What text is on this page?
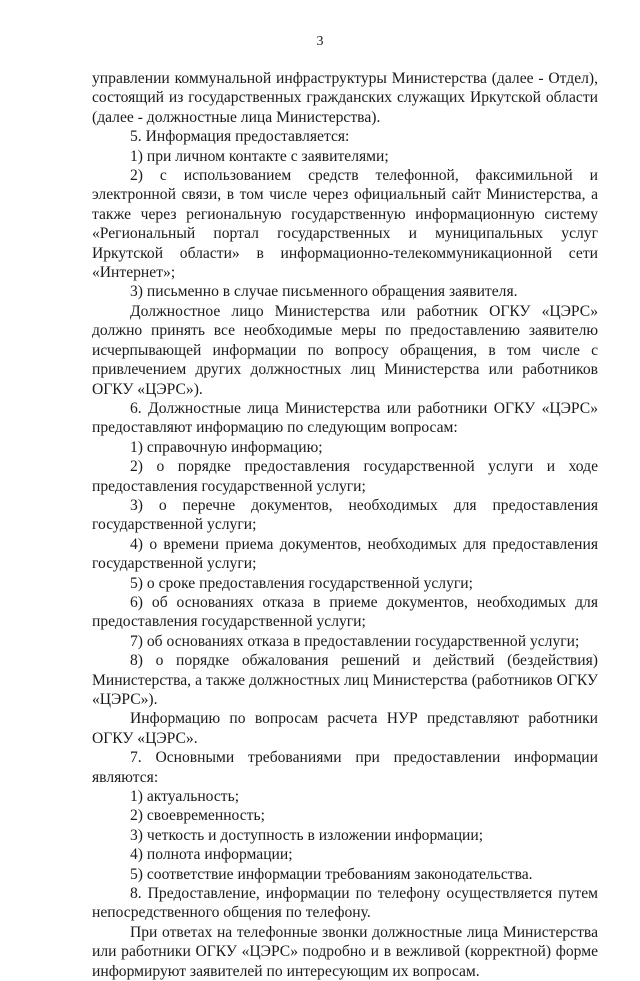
3

управлении коммунальной инфраструктуры Министерства (далее - Отдел), состоящий из государственных гражданских служащих Иркутской области (далее - должностные лица Министерства).

5. Информация предоставляется:

1) при личном контакте с заявителями;

2) с использованием средств телефонной, факсимильной и электронной связи, в том числе через официальный сайт Министерства, а также через региональную государственную информационную систему «Региональный портал государственных и муниципальных услуг Иркутской области» в информационно-телекоммуникационной сети «Интернет»;

3) письменно в случае письменного обращения заявителя.

Должностное лицо Министерства или работник ОГКУ «ЦЭРС» должно принять все необходимые меры по предоставлению заявителю исчерпывающей информации по вопросу обращения, в том числе с привлечением других должностных лиц Министерства или работников ОГКУ «ЦЭРС»).

6. Должностные лица Министерства или работники ОГКУ «ЦЭРС» предоставляют информацию по следующим вопросам:

1) справочную информацию;

2) о порядке предоставления государственной услуги и ходе предоставления государственной услуги;

3) о перечне документов, необходимых для предоставления государственной услуги;

4) о времени приема документов, необходимых для предоставления государственной услуги;

5) о сроке предоставления государственной услуги;

6) об основаниях отказа в приеме документов, необходимых для предоставления государственной услуги;

7) об основаниях отказа в предоставлении государственной услуги;

8) о порядке обжалования решений и действий (бездействия) Министерства, а также должностных лиц Министерства (работников ОГКУ «ЦЭРС»).

Информацию по вопросам расчета НУР представляют работники ОГКУ «ЦЭРС».

7. Основными требованиями при предоставлении информации являются:

1) актуальность;

2) своевременность;

3) четкость и доступность в изложении информации;

4) полнота информации;

5) соответствие информации требованиям законодательства.

8. Предоставление, информации по телефону осуществляется путем непосредственного общения по телефону.

При ответах на телефонные звонки должностные лица Министерства или работники ОГКУ «ЦЭРС» подробно и в вежливой (корректной) форме информируют заявителей по интересующим их вопросам.
